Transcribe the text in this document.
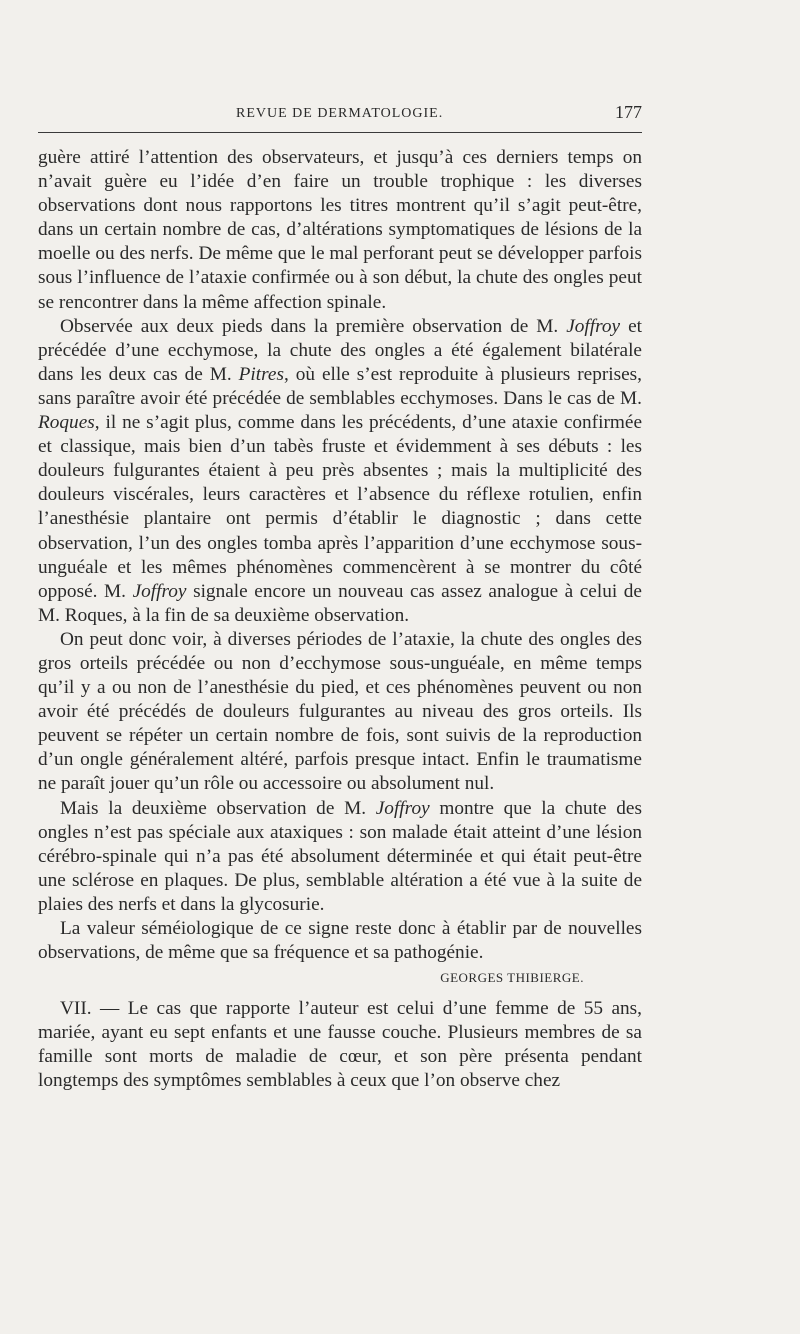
REVUE DE DERMATOLOGIE.	177

guère attiré l’attention des observateurs, et jusqu’à ces derniers temps on n’avait guère eu l’idée d’en faire un trouble trophique : les diverses observations dont nous rapportons les titres montrent qu’il s’agit peut-être, dans un certain nombre de cas, d’altérations symptomatiques de lésions de la moelle ou des nerfs. De même que le mal perforant peut se développer parfois sous l’influence de l’ataxie confirmée ou à son début, la chute des ongles peut se rencontrer dans la même affection spinale.

Observée aux deux pieds dans la première observation de M. Joffroy et précédée d’une ecchymose, la chute des ongles a été également bilatérale dans les deux cas de M. Pitres, où elle s’est reproduite à plusieurs reprises, sans paraître avoir été précédée de semblables ecchymoses. Dans le cas de M. Roques, il ne s’agit plus, comme dans les précédents, d’une ataxie confirmée et classique, mais bien d’un tabès fruste et évidemment à ses débuts : les douleurs fulgurantes étaient à peu près absentes ; mais la multiplicité des douleurs viscérales, leurs caractères et l’absence du réflexe rotulien, enfin l’anesthésie plantaire ont permis d’établir le diagnostic ; dans cette observation, l’un des ongles tomba après l’apparition d’une ecchymose sous-unguéale et les mêmes phénomènes commencèrent à se montrer du côté opposé. M. Joffroy signale encore un nouveau cas assez analogue à celui de M. Roques, à la fin de sa deuxième observation.

On peut donc voir, à diverses périodes de l’ataxie, la chute des ongles des gros orteils précédée ou non d’ecchymose sous-unguéale, en même temps qu’il y a ou non de l’anesthésie du pied, et ces phénomènes peuvent ou non avoir été précédés de douleurs fulgurantes au niveau des gros orteils. Ils peuvent se répéter un certain nombre de fois, sont suivis de la reproduction d’un ongle généralement altéré, parfois presque intact. Enfin le traumatisme ne paraît jouer qu’un rôle ou accessoire ou absolument nul.

Mais la deuxième observation de M. Joffroy montre que la chute des ongles n’est pas spéciale aux ataxiques : son malade était atteint d’une lésion cérébro-spinale qui n’a pas été absolument déterminée et qui était peut-être une sclérose en plaques. De plus, semblable altération a été vue à la suite de plaies des nerfs et dans la glycosurie.

La valeur séméiologique de ce signe reste donc à établir par de nouvelles observations, de même que sa fréquence et sa pathogénie.

GEORGES THIBIERGE.

VII. — Le cas que rapporte l’auteur est celui d’une femme de 55 ans, mariée, ayant eu sept enfants et une fausse couche. Plusieurs membres de sa famille sont morts de maladie de cœur, et son père présenta pendant longtemps des symptômes semblables à ceux que l’on observe chez
